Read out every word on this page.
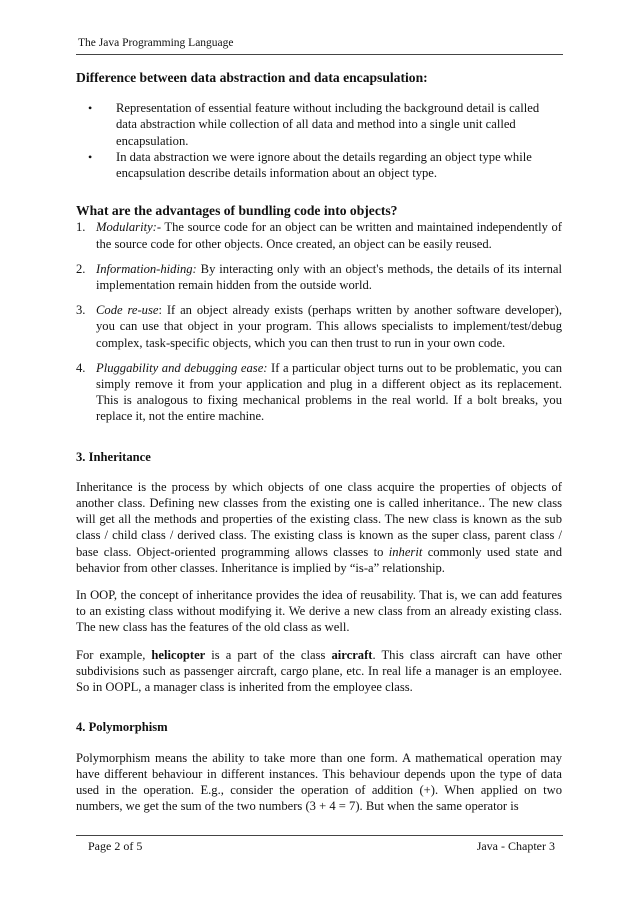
The Java Programming Language
Difference between data abstraction and data encapsulation:
• Representation of essential feature without including the background detail is called data abstraction while collection of all data and method into a single unit called encapsulation.
• In data abstraction we were ignore about the details regarding an object type while encapsulation describe details information about an object type.
What are the advantages of bundling code into objects?
1. Modularity:- The source code for an object can be written and maintained independently of the source code for other objects. Once created, an object can be easily reused.
2. Information-hiding: By interacting only with an object's methods, the details of its internal implementation remain hidden from the outside world.
3. Code re-use: If an object already exists (perhaps written by another software developer), you can use that object in your program. This allows specialists to implement/test/debug complex, task-specific objects, which you can then trust to run in your own code.
4. Pluggability and debugging ease: If a particular object turns out to be problematic, you can simply remove it from your application and plug in a different object as its replacement. This is analogous to fixing mechanical problems in the real world. If a bolt breaks, you replace it, not the entire machine.
3. Inheritance

Inheritance is the process by which objects of one class acquire the properties of objects of another class. Defining new classes from the existing one is called inheritance.. The new class will get all the methods and properties of the existing class. The new class is known as the sub class / child class / derived class. The existing class is known as the super class, parent class / base class. Object-oriented programming allows classes to inherit commonly used state and behavior from other classes. Inheritance is implied by “is-a” relationship.

In OOP, the concept of inheritance provides the idea of reusability. That is, we can add features to an existing class without modifying it. We derive a new class from an already existing class. The new class has the features of the old class as well.

For example, helicopter is a part of the class aircraft. This class aircraft can have other subdivisions such as passenger aircraft, cargo plane, etc. In real life a manager is an employee. So in OOPL, a manager class is inherited from the employee class.

4. Polymorphism

Polymorphism means the ability to take more than one form. A mathematical operation may have different behaviour in different instances. This behaviour depends upon the type of data used in the operation. E.g., consider the operation of addition (+). When applied on two numbers, we get the sum of the two numbers (3 + 4 = 7). But when the same operator is

Page 2 of 5	Java - Chapter 3
